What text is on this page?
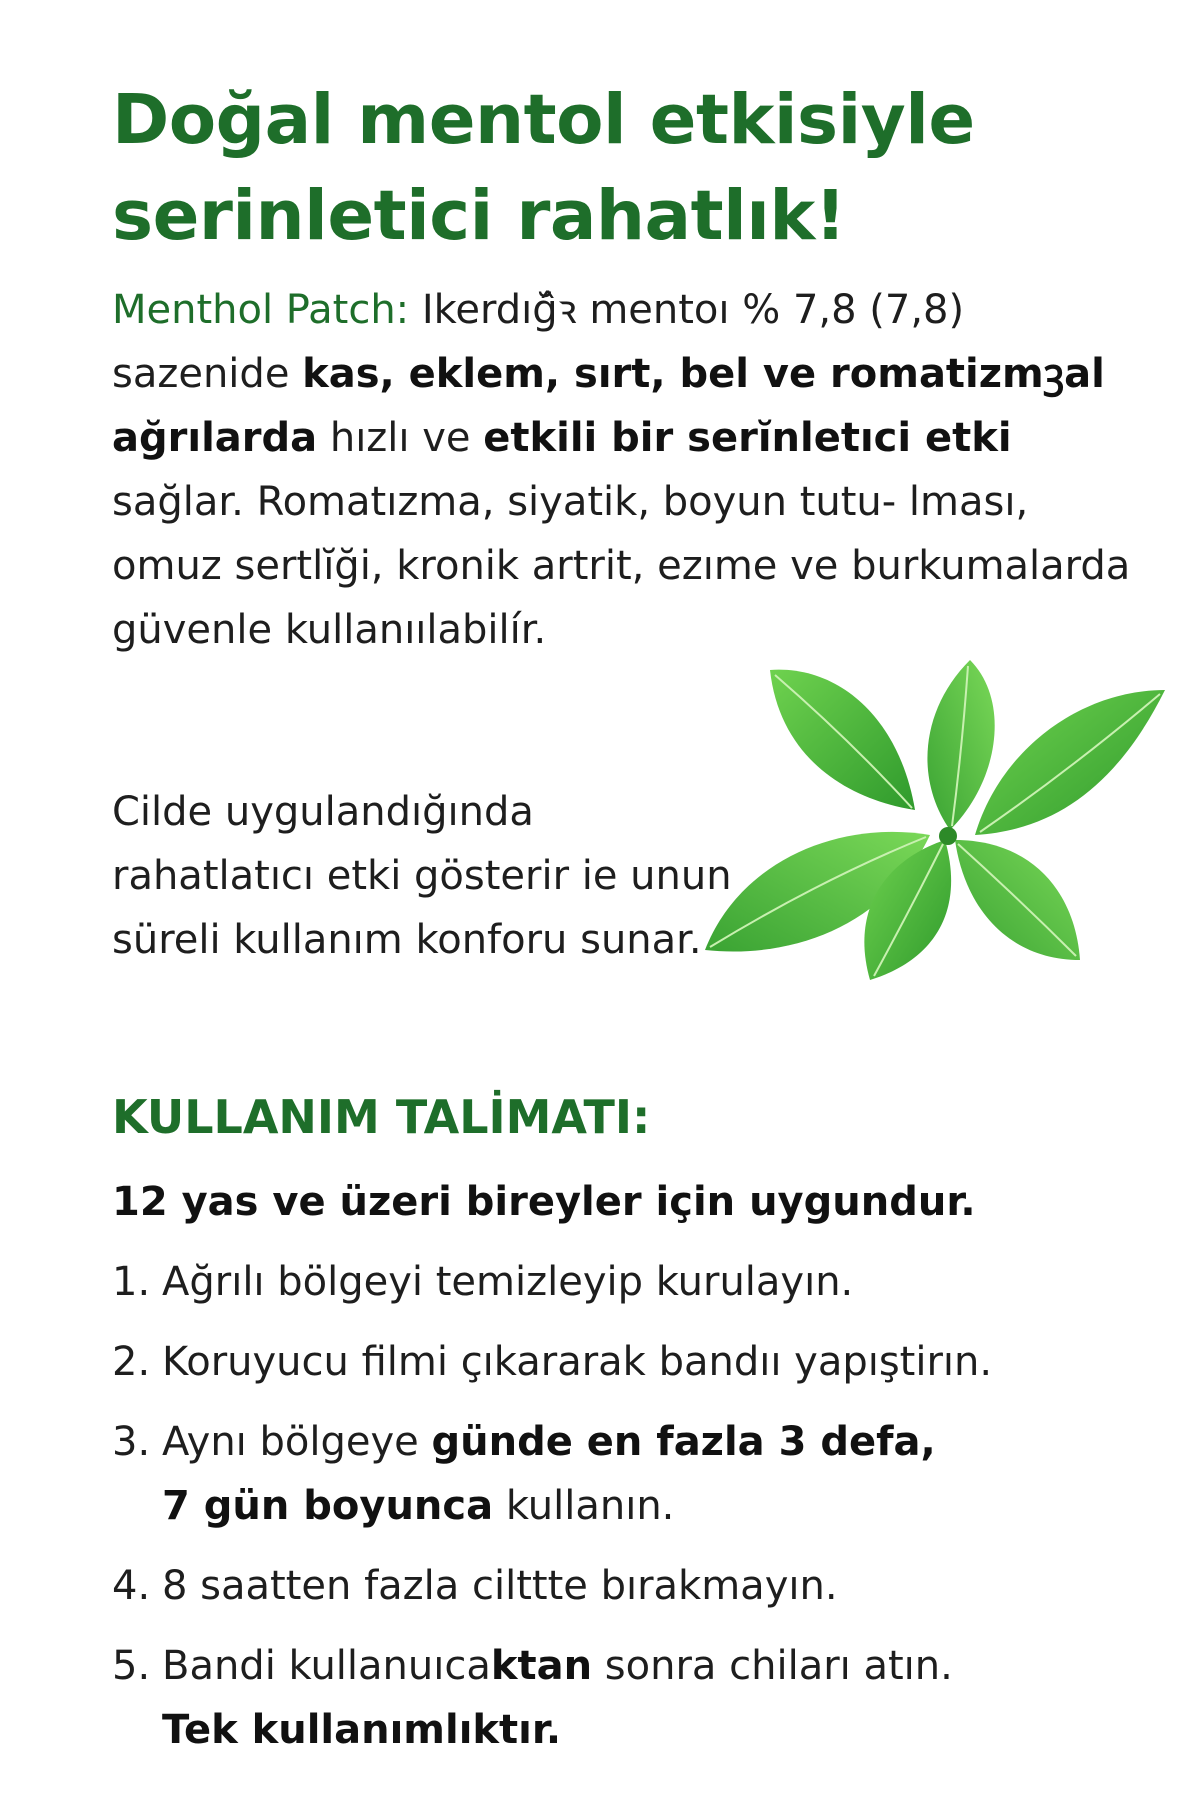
Doğal mentol etkisiyle
serinletici rahatlık!

Menthol Patch: Ikerdığ̂ꝛ mentoı % 7,8 (7,8) sazenide kas, eklem, sırt, bel ve romatizmꝫal ağrılarda hızlı ve etkili bir serĭnletıci etki sağlar. Romatızma, siyatik, boyun tutu- lması, omuz sertlĭği, kronik artrit, ezıme ve burkumalarda güvenle kullanıılabilír.

Cilde uygulandığında rahatlatıcı etki gösterir ie unun süreli kullanım konforu sunar.

KULLANIM TALİMATI:

12 yas ve üzeri bireyler için uygundur.

1. Ağrılı bölgeyi temizleyip kurulayın.
2. Koruyucu filmi çıkararak bandıı yapıştirın.
3. Aynı bölgeye günde en fazla 3 defa,
7 gün boyunca kullanın.
4. 8 saatten fazla cilttte bırakmayın.
5. Bandi kullanuıcaktan sonra chiları atın.
Tek kullanımlıktır.
